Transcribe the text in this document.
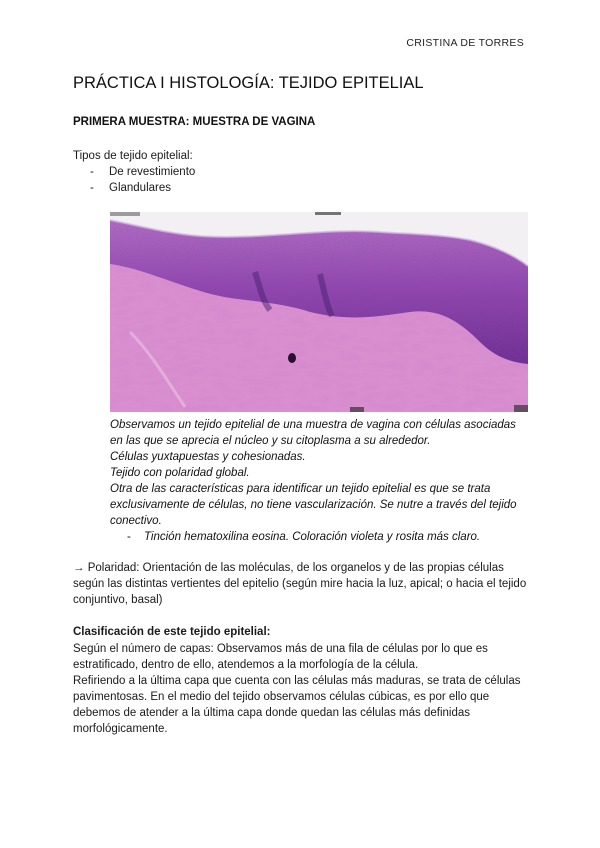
CRISTINA DE TORRES
PRÁCTICA I HISTOLOGÍA: TEJIDO EPITELIAL
PRIMERA MUESTRA: MUESTRA DE VAGINA
Tipos de tejido epitelial:
- De revestimiento
- Glandulares

Observamos un tejido epitelial de una muestra de vagina con células asociadas en las que se aprecia el núcleo y su citoplasma a su alrededor.

Células yuxtapuestas y cohesionadas.

Tejido con polaridad global.

Otra de las características para identificar un tejido epitelial es que se trata exclusivamente de células, no tiene vascularización. Se nutre a través del tejido conectivo.

- Tinción hematoxilina eosina. Coloración violeta y rosita más claro.

→ Polaridad: Orientación de las moléculas, de los organelos y de las propias células según las distintas vertientes del epitelio (según mire hacia la luz, apical; o hacia el tejido conjuntivo, basal)

Clasificación de este tejido epitelial:

Según el número de capas: Observamos más de una fila de células por lo que es estratificado, dentro de ello, atendemos a la morfología de la célula.

Refiriendo a la última capa que cuenta con las células más maduras, se trata de células pavimentosas. En el medio del tejido observamos células cúbicas, es por ello que debemos de atender a la última capa donde quedan las células más definidas morfológicamente.
